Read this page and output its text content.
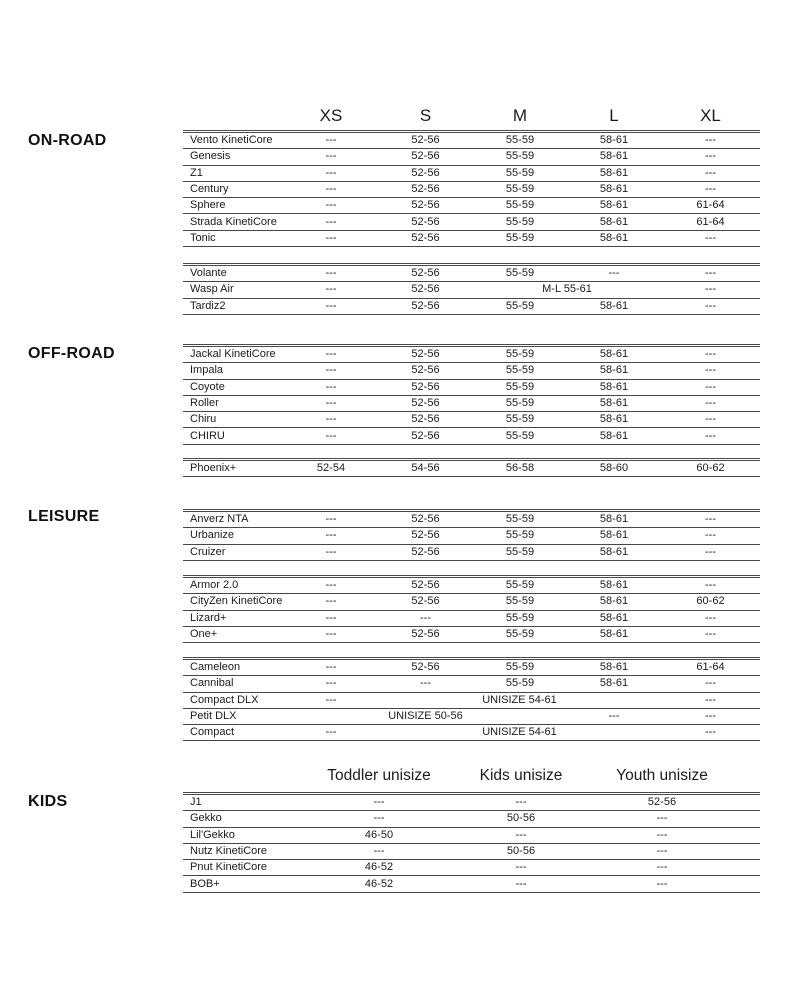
ON-ROAD
OFF-ROAD
LEISURE
KIDS
XS	S	M	L	XL
Toddler unisize	Kids unisize	Youth unisize
Vento KinetiCore	---	52-56	55-59	58-61	---
Genesis	---	52-56	55-59	58-61	---
Z1	---	52-56	55-59	58-61	---
Century	---	52-56	55-59	58-61	---
Sphere	---	52-56	55-59	58-61	61-64
Strada KinetiCore	---	52-56	55-59	58-61	61-64
Tonic	---	52-56	55-59	58-61	---
Volante	---	52-56	55-59	---	---
Wasp Air	---	52-56	M-L 55-61	---
Tardiz2	---	52-56	55-59	58-61	---
Jackal KinetiCore	---	52-56	55-59	58-61	---
Impala	---	52-56	55-59	58-61	---
Coyote	---	52-56	55-59	58-61	---
Roller	---	52-56	55-59	58-61	---
Chiru	---	52-56	55-59	58-61	---
CHIRU	---	52-56	55-59	58-61	---
Phoenix+	52-54	54-56	56-58	58-60	60-62
Anverz NTA	---	52-56	55-59	58-61	---
Urbanize	---	52-56	55-59	58-61	---
Cruizer	---	52-56	55-59	58-61	---
Armor 2.0	---	52-56	55-59	58-61	---
CityZen KinetiCore	---	52-56	55-59	58-61	60-62
Lizard+	---	---	55-59	58-61	---
One+	---	52-56	55-59	58-61	---
Cameleon	---	52-56	55-59	58-61	61-64
Cannibal	---	---	55-59	58-61	---
Compact DLX	---	UNISIZE 54-61	---
Petit DLX	UNISIZE 50-56	---	---
Compact	---	UNISIZE 54-61	---
J1	---	---	52-56
Gekko	---	50-56	---
Lil'Gekko	46-50	---	---
Nutz KinetiCore	---	50-56	---
Pnut KinetiCore	46-52	---	---
BOB+	46-52	---	---
